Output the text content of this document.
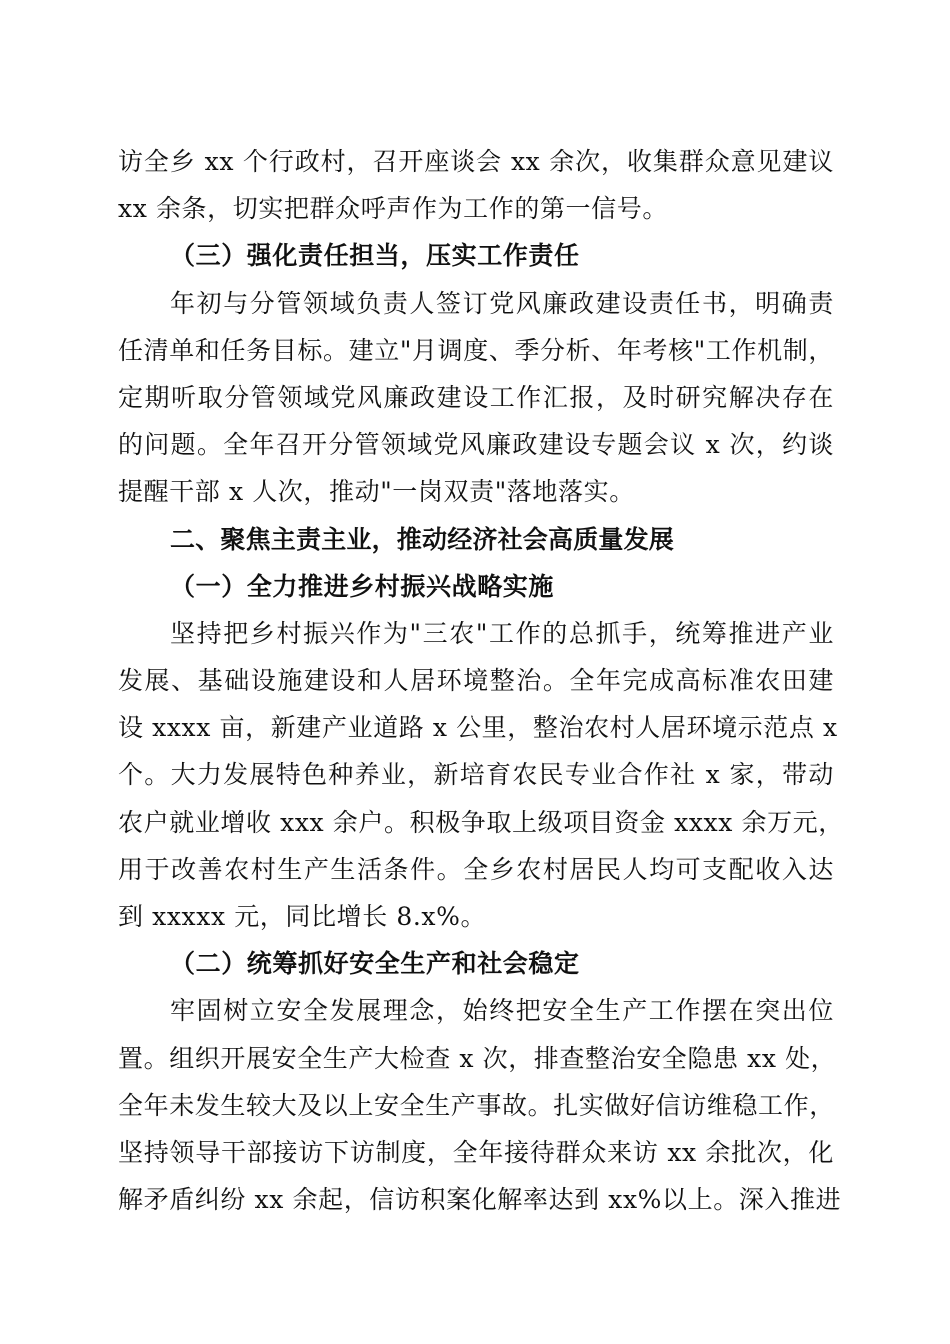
访全乡 xx 个行政村，召开座谈会 xx 余次，收集群众意见建议
xx 余条，切实把群众呼声作为工作的第一信号。
（三）强化责任担当，压实工作责任
年初与分管领域负责人签订党风廉政建设责任书，明确责
任清单和任务目标。建立"月调度、季分析、年考核"工作机制，
定期听取分管领域党风廉政建设工作汇报，及时研究解决存在
的问题。全年召开分管领域党风廉政建设专题会议 x 次，约谈
提醒干部 x 人次，推动"一岗双责"落地落实。
二、聚焦主责主业，推动经济社会高质量发展
（一）全力推进乡村振兴战略实施
坚持把乡村振兴作为"三农"工作的总抓手，统筹推进产业
发展、基础设施建设和人居环境整治。全年完成高标准农田建
设 xxxx 亩，新建产业道路 x 公里，整治农村人居环境示范点 x
个。大力发展特色种养业，新培育农民专业合作社 x 家，带动
农户就业增收 xxx 余户。积极争取上级项目资金 xxxx 余万元，
用于改善农村生产生活条件。全乡农村居民人均可支配收入达
到 xxxxx 元，同比增长 8.x%。
（二）统筹抓好安全生产和社会稳定
牢固树立安全发展理念，始终把安全生产工作摆在突出位
置。组织开展安全生产大检查 x 次，排查整治安全隐患 xx 处，
全年未发生较大及以上安全生产事故。扎实做好信访维稳工作，
坚持领导干部接访下访制度，全年接待群众来访 xx 余批次，化
解矛盾纠纷 xx 余起，信访积案化解率达到 xx%以上。深入推进
